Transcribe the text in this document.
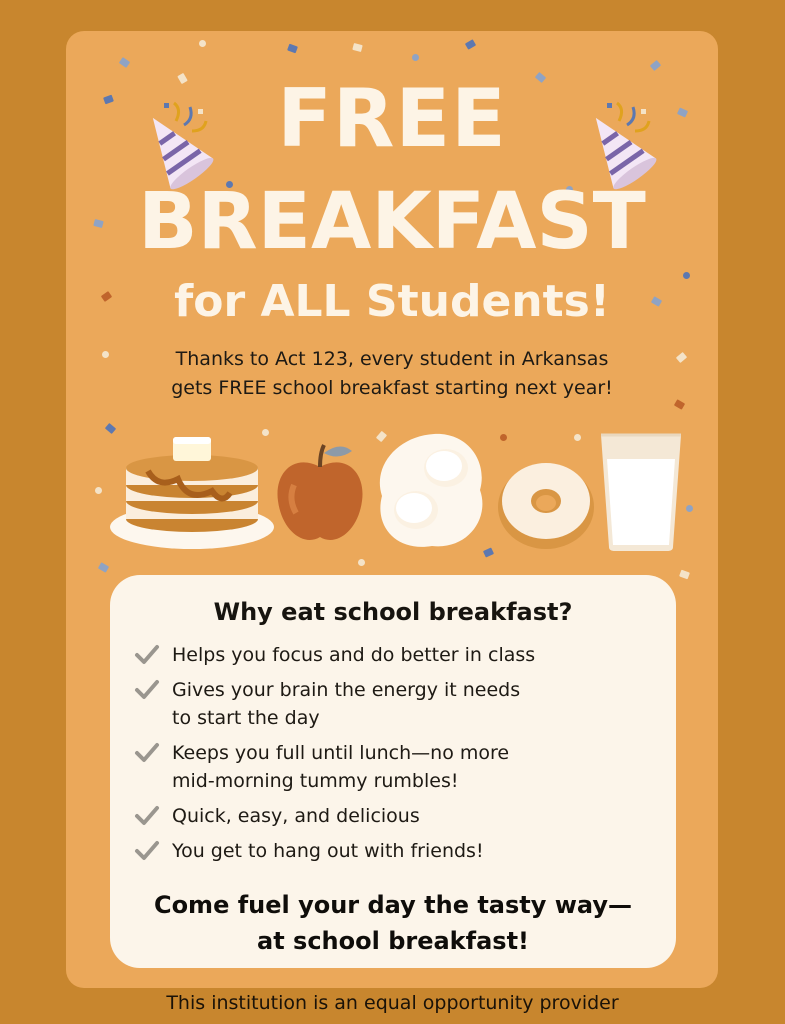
FREE
BREAKFAST
for ALL Students!
Thanks to Act 123, every student in Arkansas
gets FREE school breakfast starting next year!
Why eat school breakfast?
Helps you focus and do better in class
Gives your brain the energy it needs
to start the day
Keeps you full until lunch—no more
mid-morning tummy rumbles!
Quick, easy, and delicious
You get to hang out with friends!
Come fuel your day the tasty way—
at school breakfast!
This institution is an equal opportunity provider
